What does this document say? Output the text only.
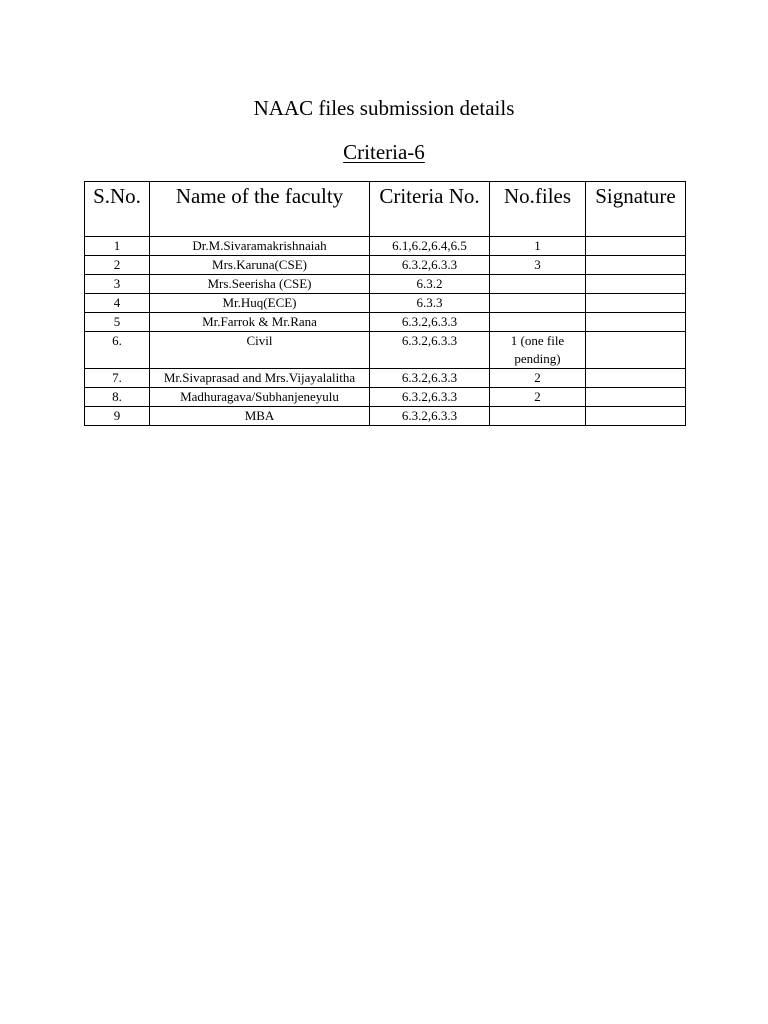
NAAC files submission details
Criteria-6
S.No.	Name of the faculty	Criteria No.	No.files	Signature
1	Dr.M.Sivaramakrishnaiah	6.1,6.2,6.4,6.5	1	
2	Mrs.Karuna(CSE)	6.3.2,6.3.3	3	
3	Mrs.Seerisha (CSE)	6.3.2		
4	Mr.Huq(ECE)	6.3.3		
5	Mr.Farrok & Mr.Rana	6.3.2,6.3.3		
6.	Civil	6.3.2,6.3.3	1 (one file pending)	
7.	Mr.Sivaprasad and Mrs.Vijayalalitha	6.3.2,6.3.3	2	
8.	Madhuragava/Subhanjeneyulu	6.3.2,6.3.3	2	
9	MBA	6.3.2,6.3.3		
